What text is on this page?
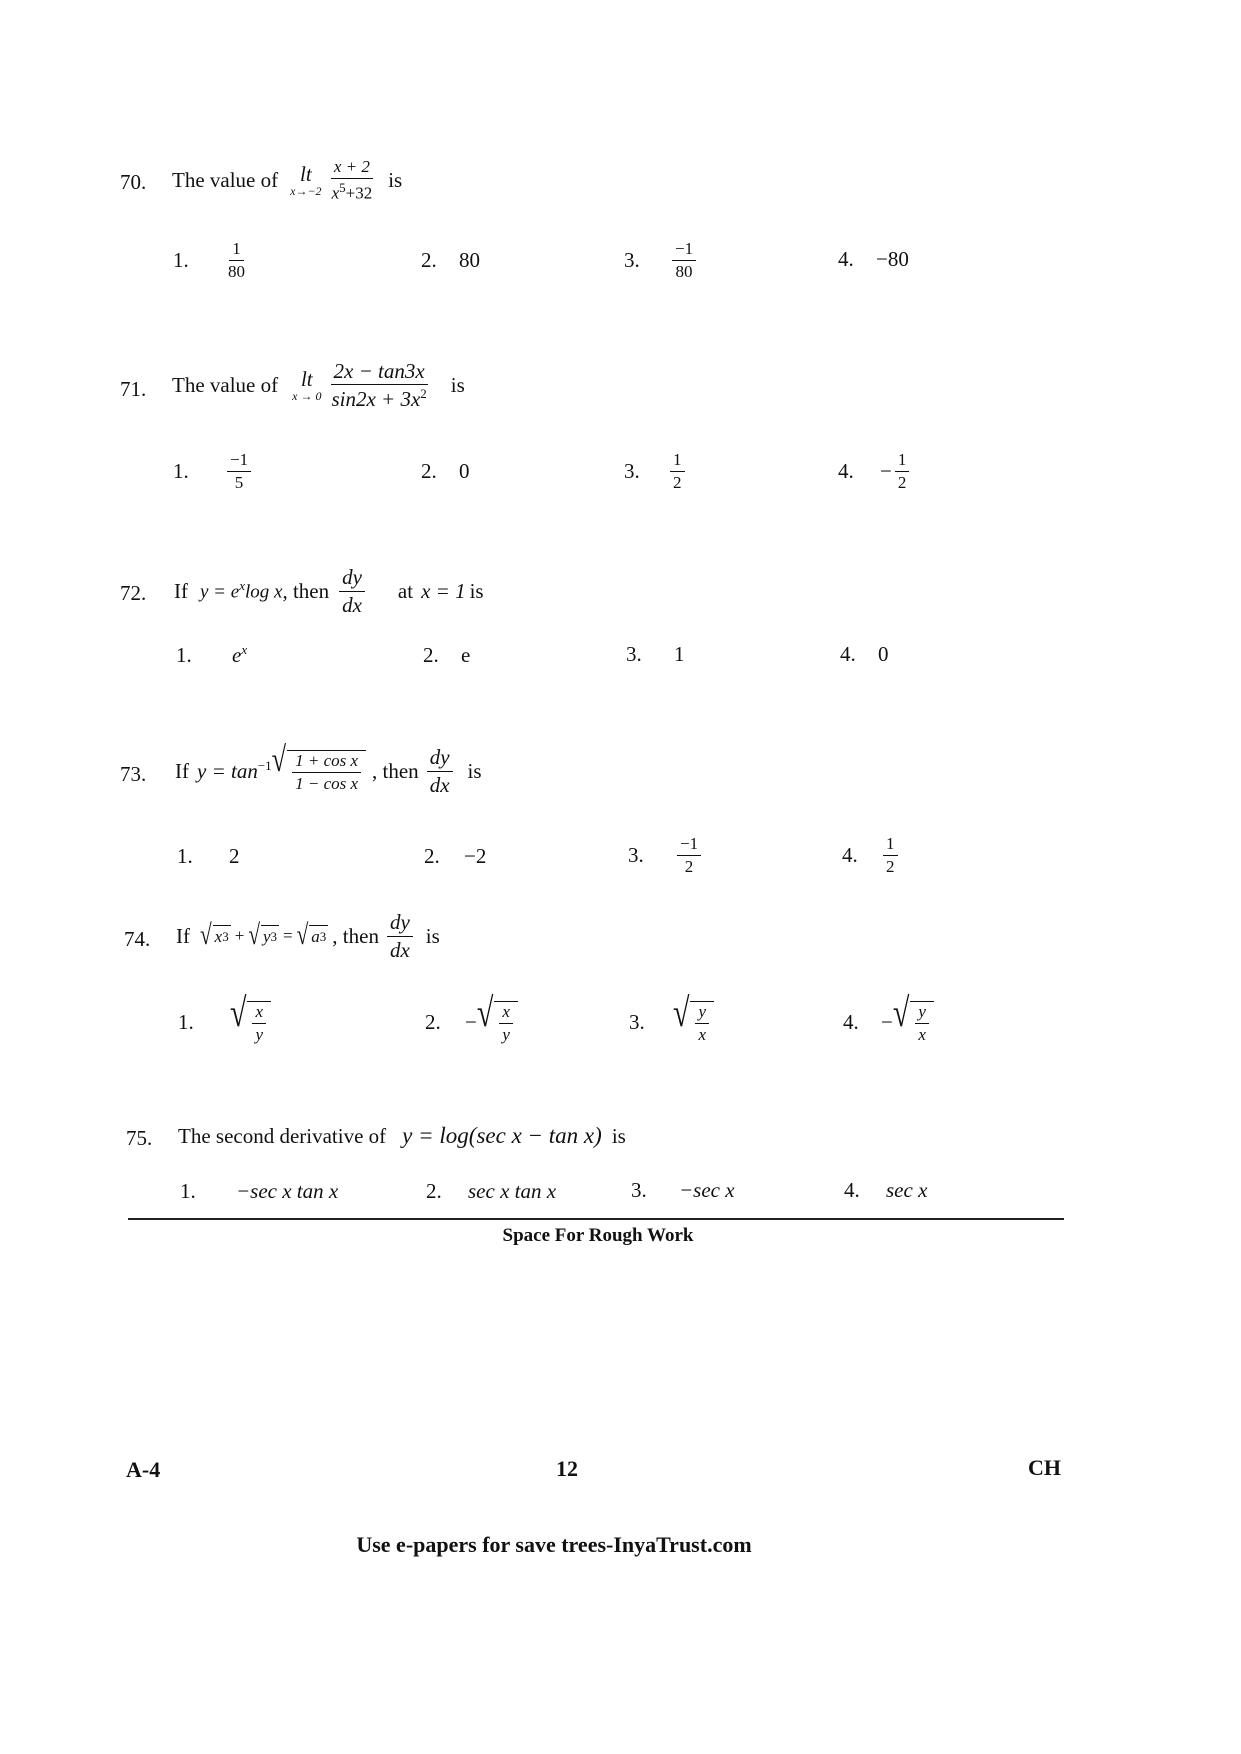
70. The value of lt
$x\to-2 \frac{x + 2}{x^5+32}$ is
1.	$\frac{1}{80}$	2.	80	3.	$\frac{-1}{80}$	4.	−80
71. The value of lt
$x \to 0 \frac{2x - \tan 3x}{\sin 2x + 3x^2}$ is
1.	$\frac{-1}{5}$	2.	0	3.	$\frac{1}{2}$	4.	− $\frac{1}{2}$
72. If $y = e^x\log$ x , then $\frac{dy}{dx}$ at x = 1 is
1.	$e^x$	2.	e	3.	1	4.	0
73. If $y = \tan^{-1}$ √ $\frac{\text{1 + cos x}}{\text{1 − cos x}}$ , then $\frac{dy}{dx}$ is
1.	2	2.	−2	3.	$\frac{-1}{2}$	4.	$\frac{1}{2}$
74. If √ x 3 + √ y 3 = √ a 3 , then $\frac{dy}{dx}$ is
1.	√ $\frac{x}{y}$	2.	− √ $\frac{x}{y}$	3. √ $\frac{y}{x}$	4.	− √ $\frac{y}{x}$
75. The second derivative of y = log(sec x − tan x) is
1.	−sec x tan x	2.	sec x tan x	3.	−sec x	4.	sec x
Space For Rough Work
A-4	12	CH
Use e-papers for save trees-InyaTrust.com
